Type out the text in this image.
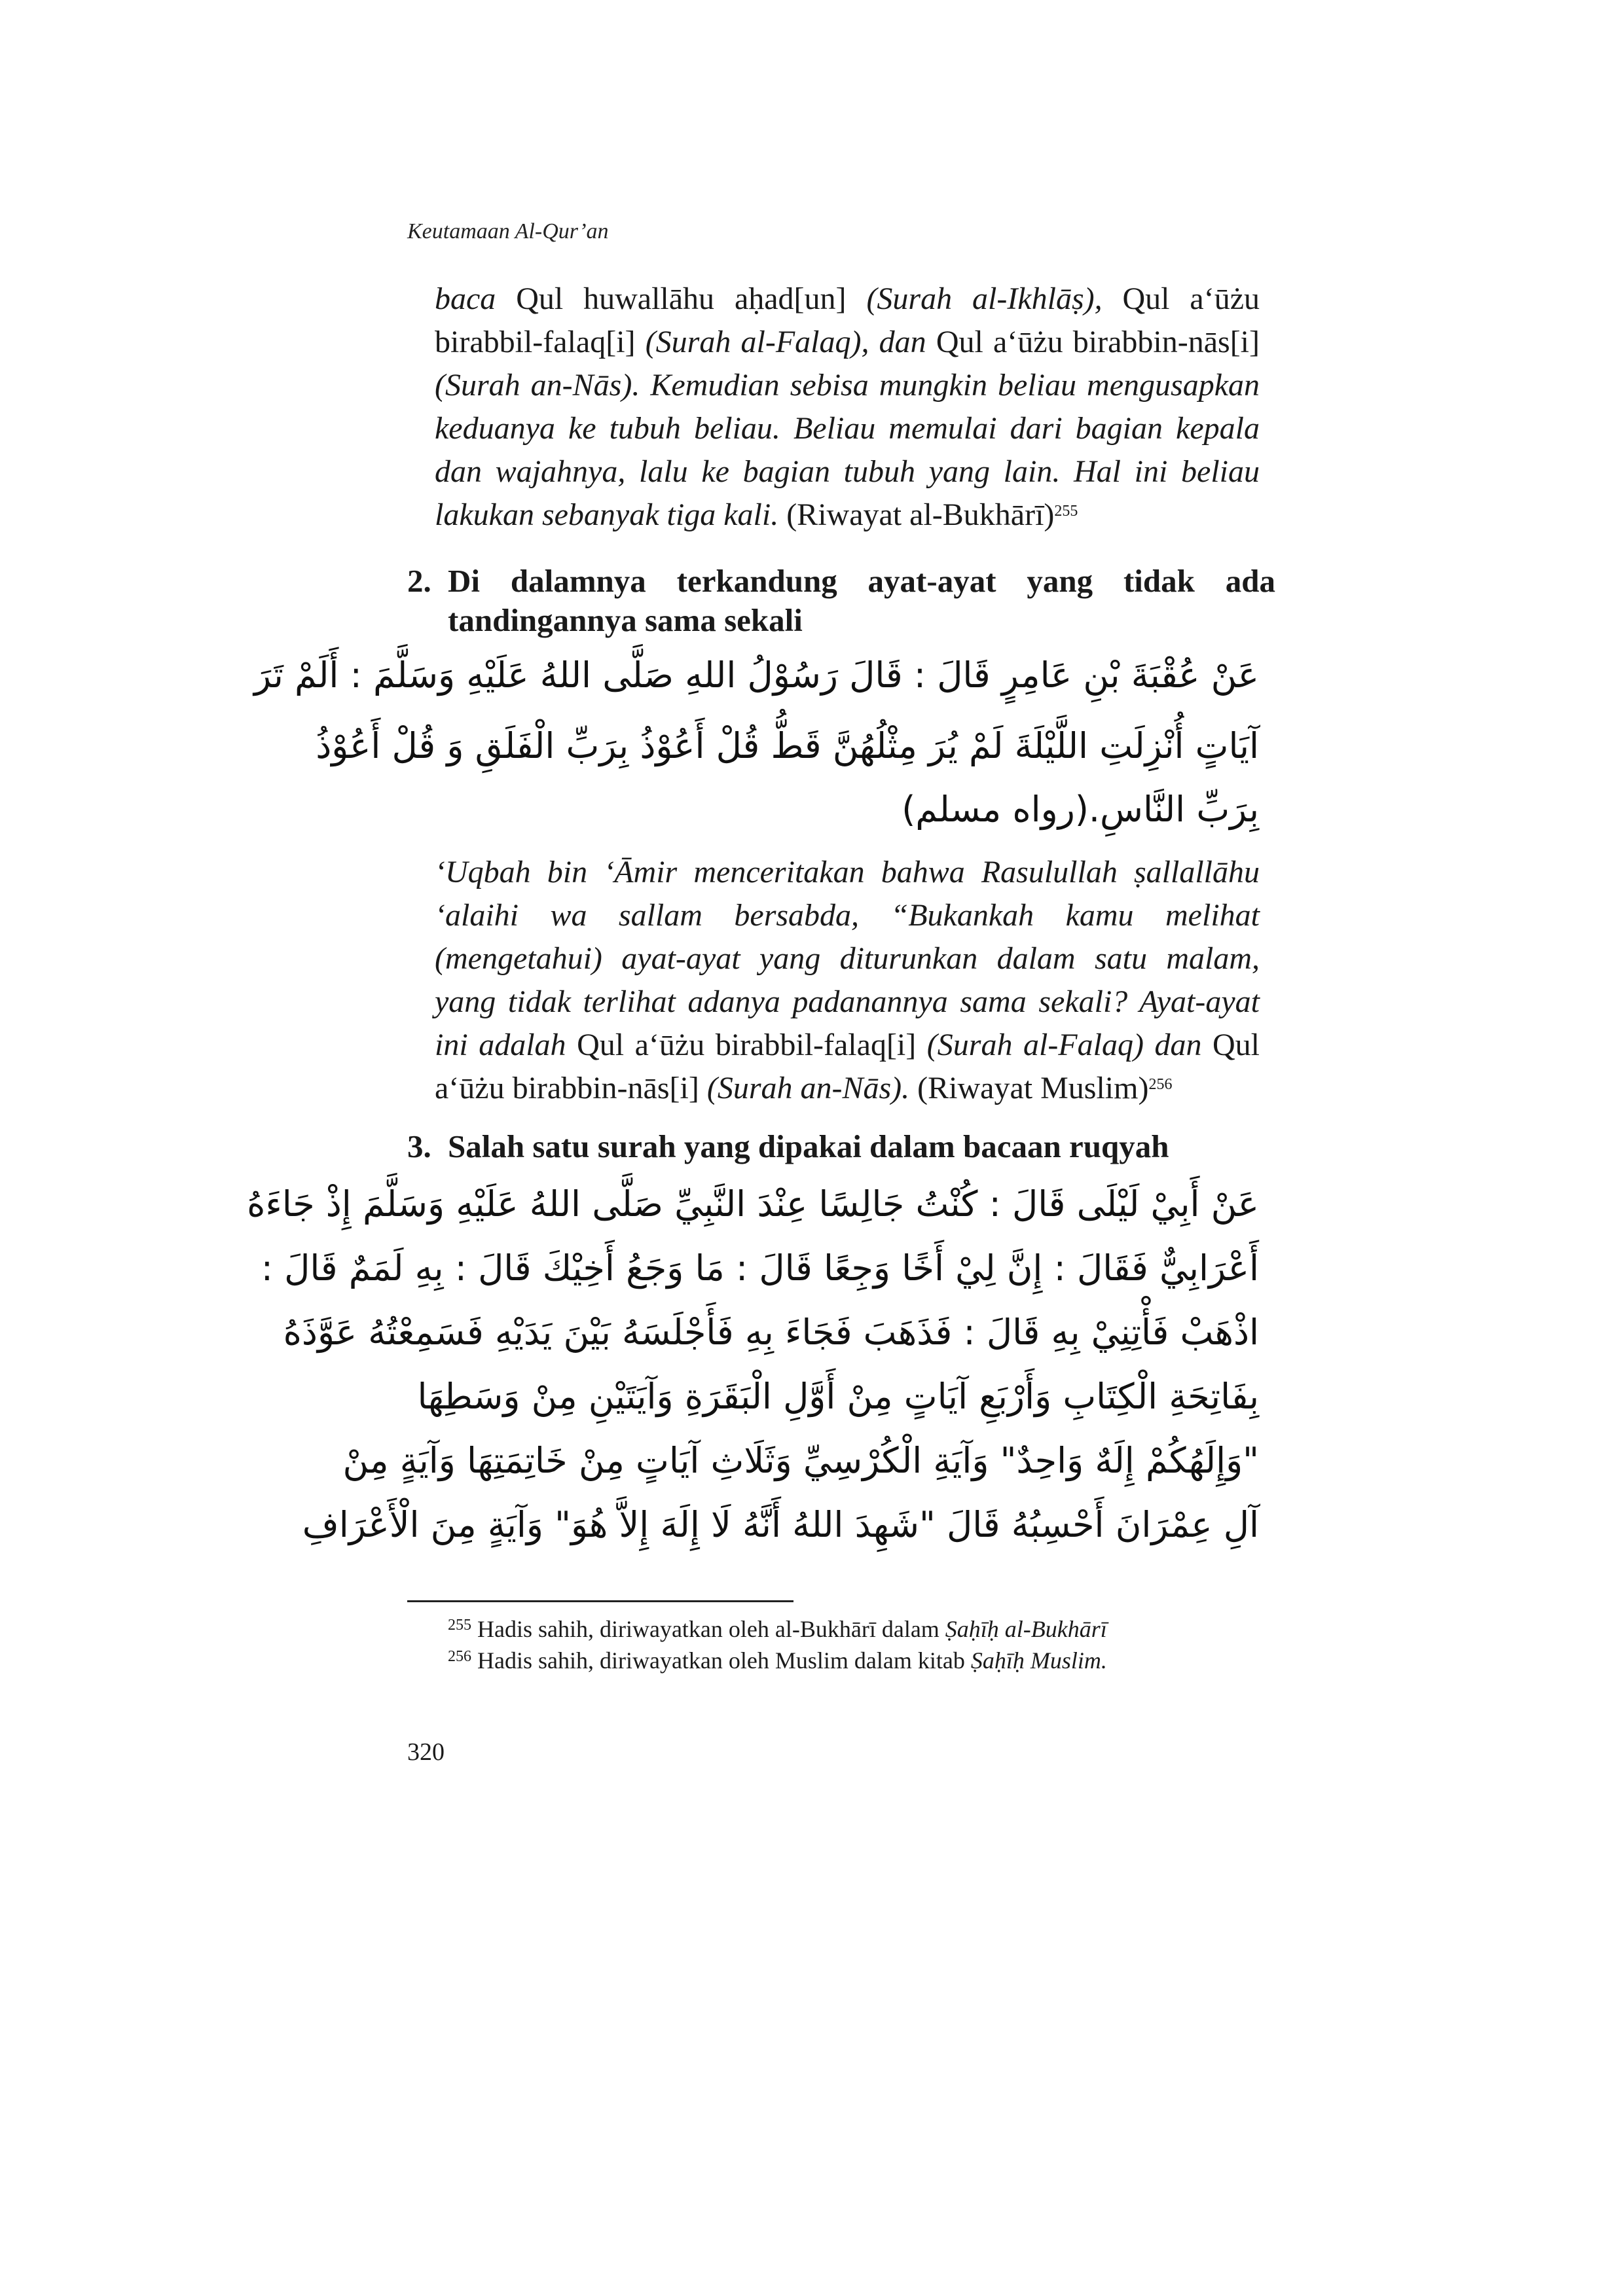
Keutamaan Al-Qur’an
baca Qul huwallāhu aḥad[un] (Surah al-Ikhlāṣ), Qul a‘ūżu birabbil-falaq[i] (Surah al-Falaq), dan Qul a‘ūżu birabbin-nās[i] (Surah an-Nās). Kemudian sebisa mungkin beliau mengusapkan keduanya ke tubuh beliau. Beliau memulai dari bagian kepala dan wajahnya, lalu ke bagian tubuh yang lain. Hal ini beliau lakukan sebanyak tiga kali. (Riwayat al-Bukhārī)$^{255}$
2. Di dalamnya terkandung ayat-ayat yang tidak ada
tandingannya sama sekali
عَنْ عُقْبَةَ بْنِ عَامِرٍ قَالَ : قَالَ رَسُوْلُ اللهِ صَلَّى اللهُ عَلَيْهِ وَسَلَّمَ : أَلَمْ تَرَ
آيَاتٍ أُنْزِلَتِ اللَّيْلَةَ لَمْ يُرَ مِثْلُهُنَّ قَطُّ قُلْ أَعُوْذُ بِرَبِّ الْفَلَقِ وَ قُلْ أَعُوْذُ
بِرَبِّ النَّاسِ.(رواه مسلم)
‘Uqbah bin ‘Āmir menceritakan bahwa Rasulullah ṣallallāhu ‘alaihi wa sallam bersabda, “Bukankah kamu melihat (mengetahui) ayat-ayat yang diturunkan dalam satu malam, yang tidak terlihat adanya padanannya sama sekali? Ayat-ayat ini adalah Qul a‘ūżu birabbil-falaq[i] (Surah al-Falaq) dan Qul a‘ūżu birabbin-nās[i] (Surah an-Nās). (Riwayat Muslim)$^{256}$
3. Salah satu surah yang dipakai dalam bacaan ruqyah
عَنْ أَبِيْ لَيْلَى قَالَ : كُنْتُ جَالِسًا عِنْدَ النَّبِيِّ صَلَّى اللهُ عَلَيْهِ وَسَلَّمَ إِذْ جَاءَهُ
أَعْرَابِيٌّ فَقَالَ : إِنَّ لِيْ أَخًا وَجِعًا قَالَ : مَا وَجَعُ أَخِيْكَ قَالَ : بِهِ لَمَمٌ قَالَ :
اذْهَبْ فَأْتِنِيْ بِهِ قَالَ : فَذَهَبَ فَجَاءَ بِهِ فَأَجْلَسَهُ بَيْنَ يَدَيْهِ فَسَمِعْتُهُ عَوَّذَهُ
بِفَاتِحَةِ الْكِتَابِ وَأَرْبَعِ آيَاتٍ مِنْ أَوَّلِ الْبَقَرَةِ وَآيَتَيْنِ مِنْ وَسَطِهَا
"وَإِلَهُكُمْ إِلَهٌ وَاحِدٌ" وَآيَةِ الْكُرْسِيِّ وَثَلَاثِ آيَاتٍ مِنْ خَاتِمَتِهَا وَآيَةٍ مِنْ
آلِ عِمْرَانَ أَحْسِبُهُ قَالَ "شَهِدَ اللهُ أَنَّهُ لَا إِلَهَ إِلاَّ هُوَ" وَآيَةٍ مِنَ الْأَعْرَافِ
$^{255}$ Hadis sahih, diriwayatkan oleh al-Bukhārī dalam Ṣaḥīḥ al-Bukhārī
$^{256}$ Hadis sahih, diriwayatkan oleh Muslim dalam kitab Ṣaḥīḥ Muslim.
320
